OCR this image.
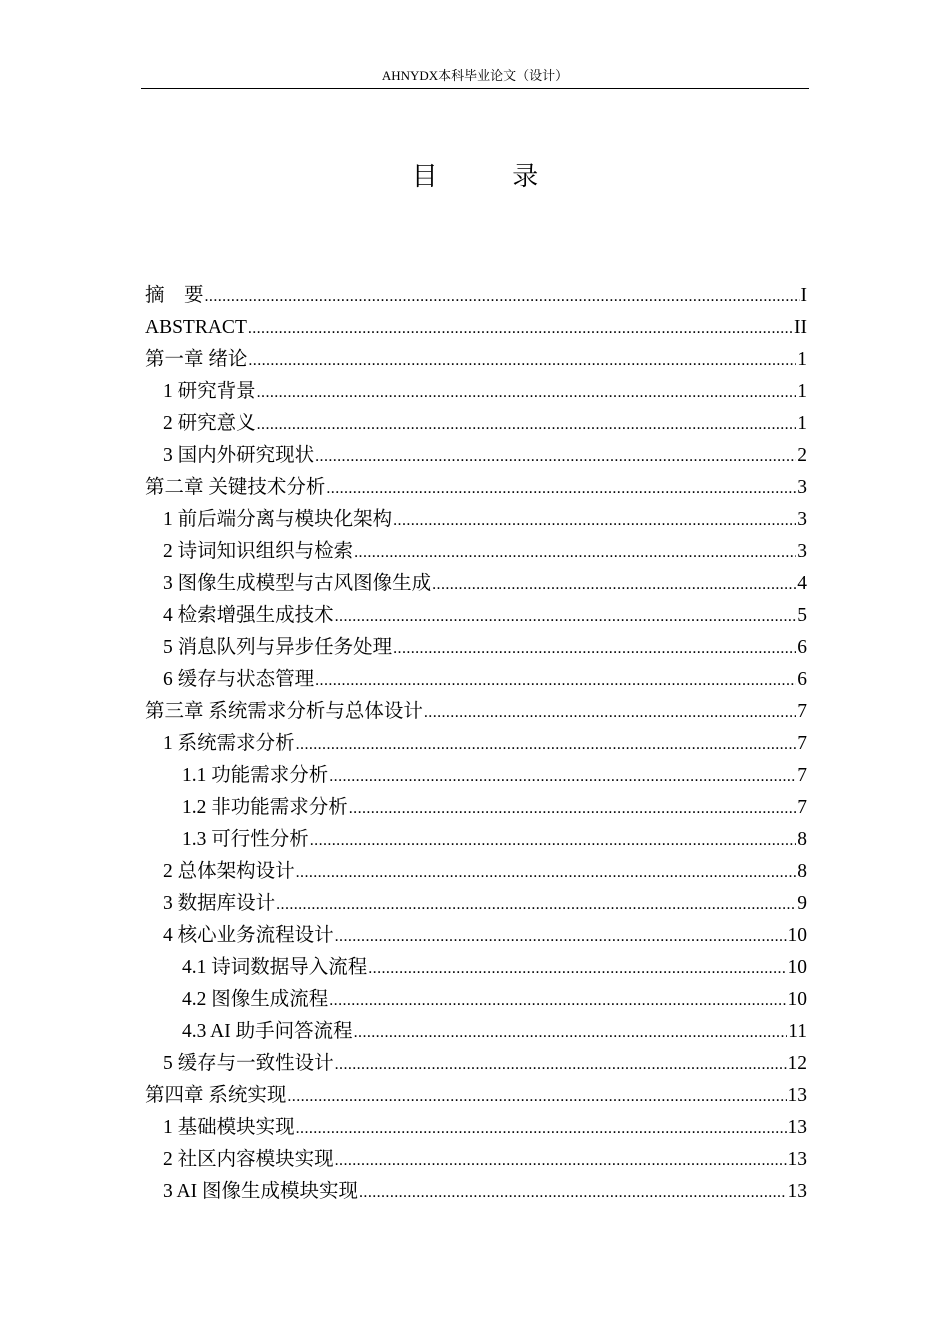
AHNYDX本科毕业论文（设计）
目 录
摘　要 .....	I
ABSTRACT .....	II
第一章 绪论 .....	1
1 研究背景 .....	1
2 研究意义 .....	1
3 国内外研究现状 .....	2
第二章 关键技术分析 .....	3
1 前后端分离与模块化架构 .....	3
2 诗词知识组织与检索 .....	3
3 图像生成模型与古风图像生成 .....	4
4 检索增强生成技术 .....	5
5 消息队列与异步任务处理 .....	6
6 缓存与状态管理 .....	6
第三章 系统需求分析与总体设计 .....	7
1 系统需求分析 .....	7
1.1 功能需求分析 .....	7
1.2 非功能需求分析 .....	7
1.3 可行性分析 .....	8
2 总体架构设计 .....	8
3 数据库设计 .....	9
4 核心业务流程设计 .....	10
4.1 诗词数据导入流程 .....	10
4.2 图像生成流程 .....	10
4.3 AI 助手问答流程 .....	11
5 缓存与一致性设计 .....	12
第四章 系统实现 .....	13
1 基础模块实现 .....	13
2 社区内容模块实现 .....	13
3 AI 图像生成模块实现 .....	13
